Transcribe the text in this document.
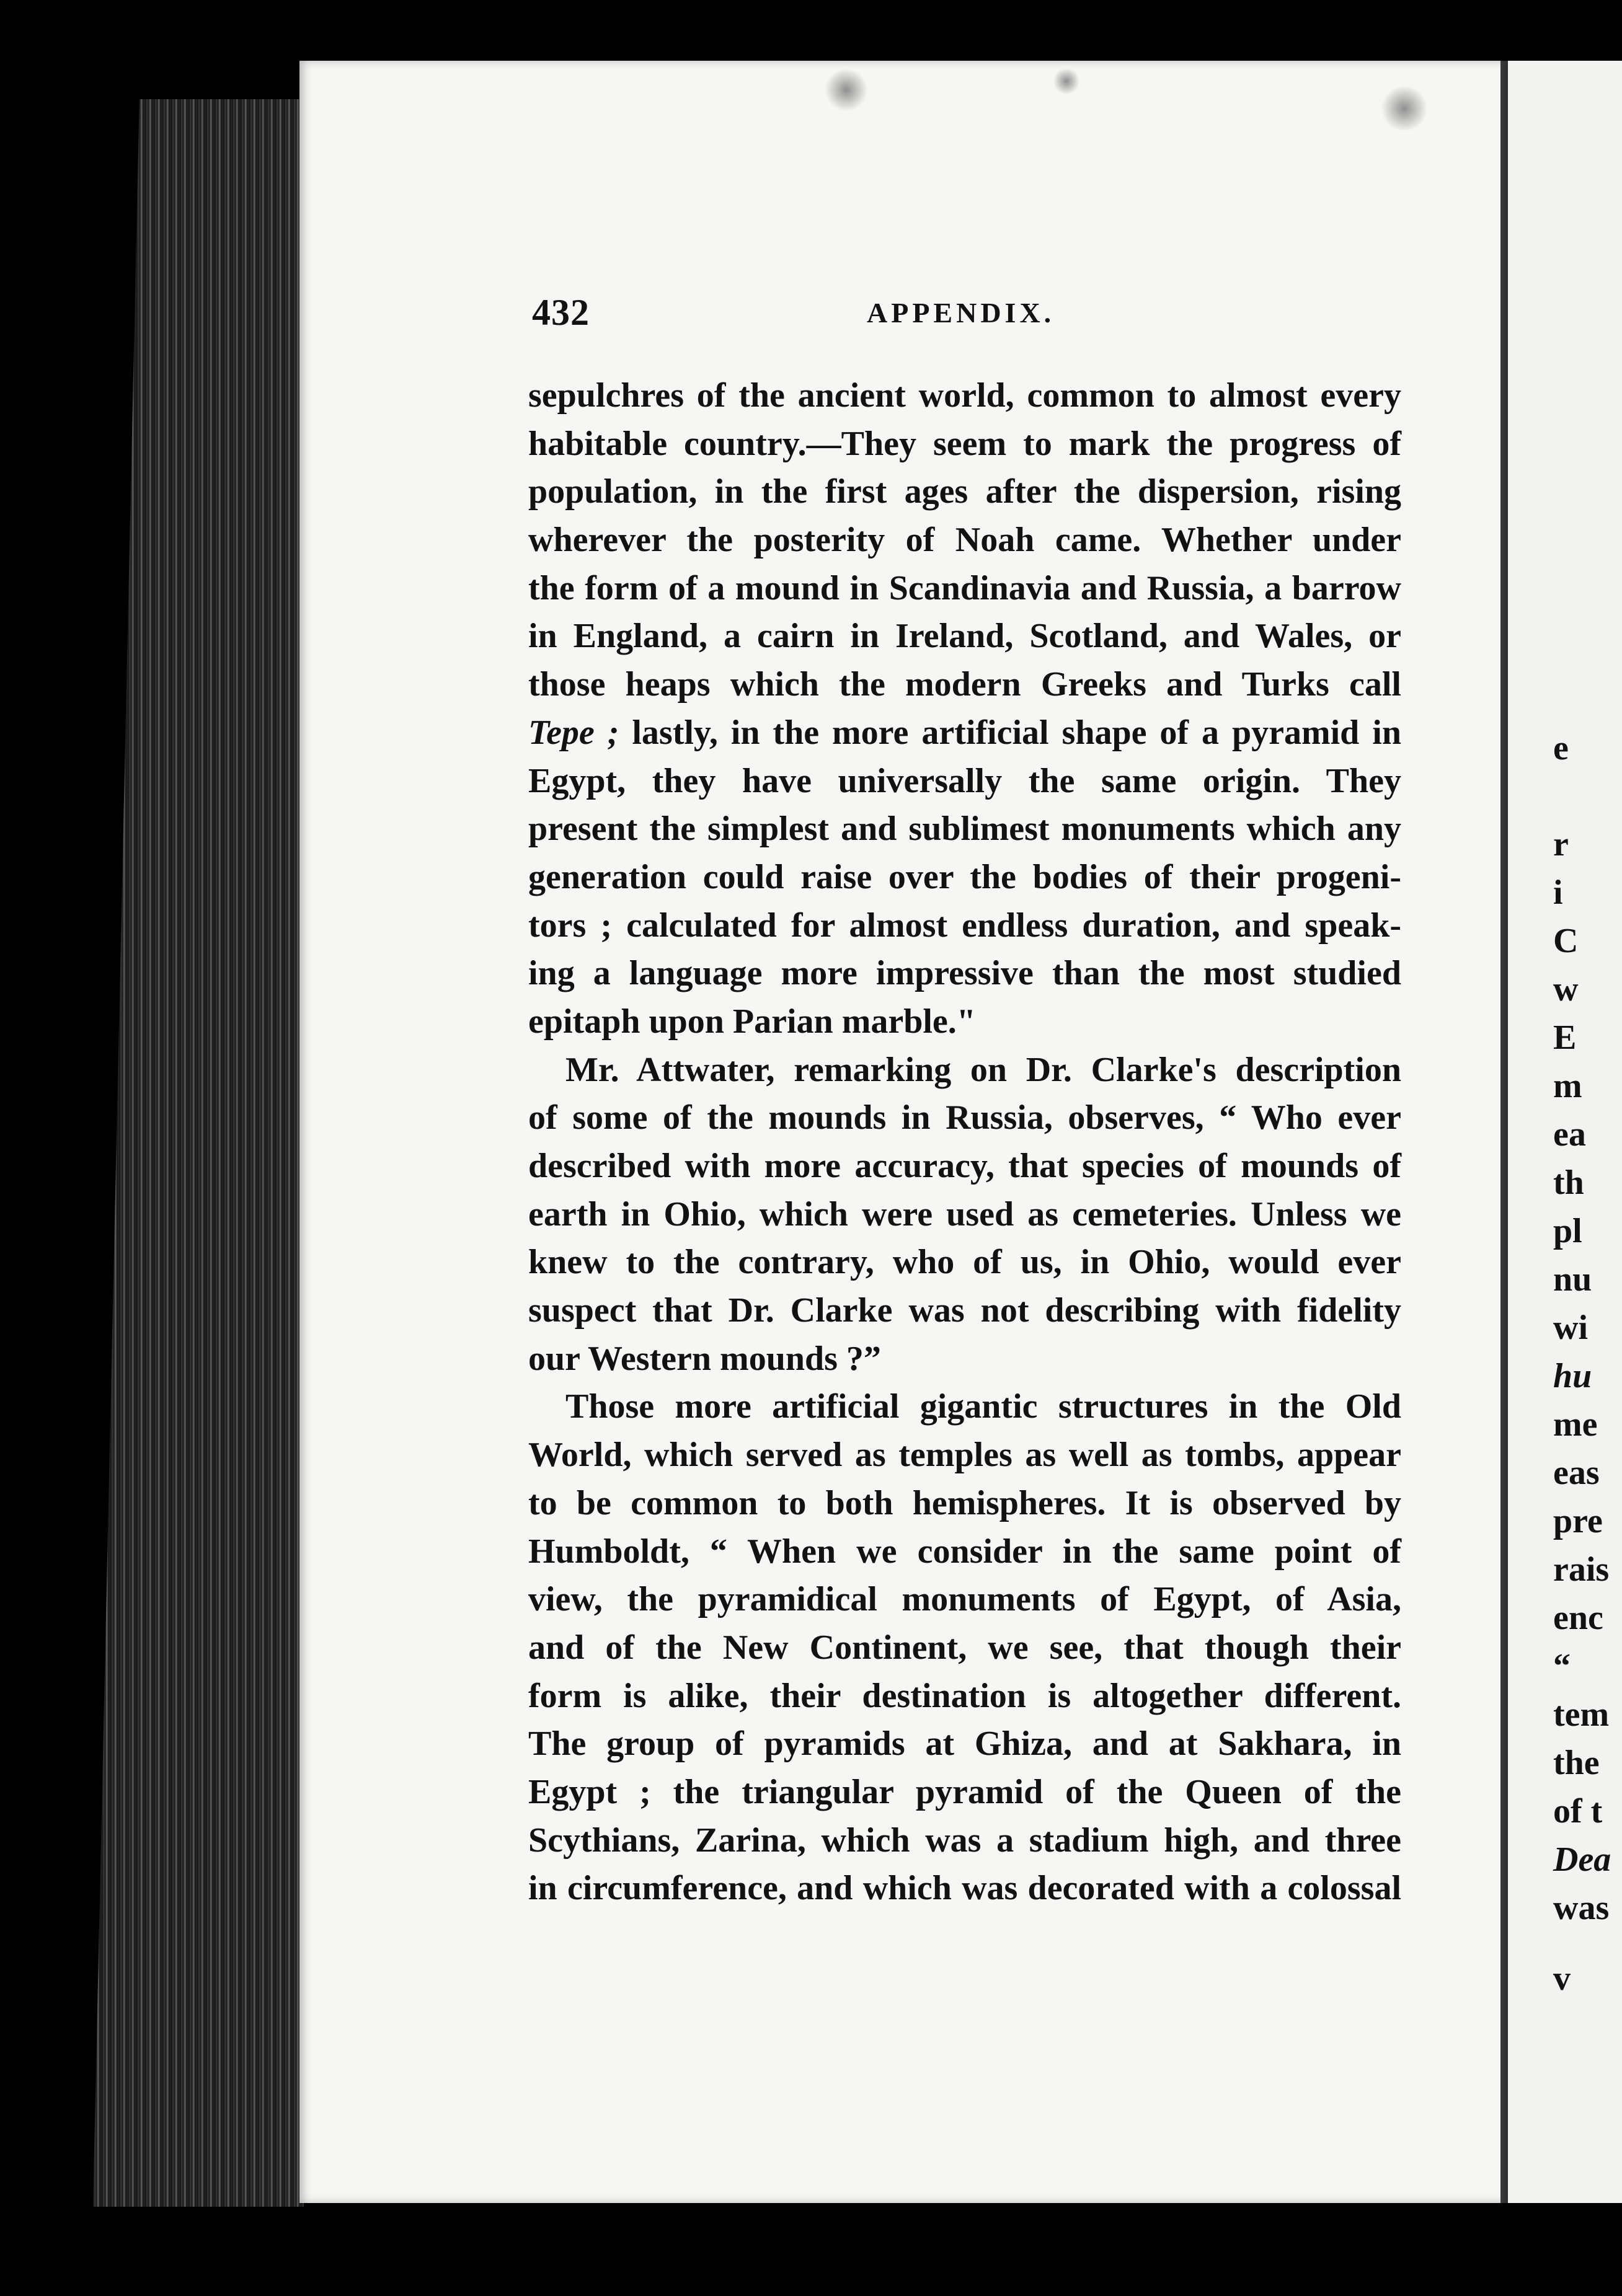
432	APPENDIX.
sepulchres of the ancient world, common to almost every
habitable country.—They seem to mark the progress of
population, in the first ages after the dispersion, rising
wherever the posterity of Noah came. Whether under
the form of a mound in Scandinavia and Russia, a barrow
in England, a cairn in Ireland, Scotland, and Wales, or
those heaps which the modern Greeks and Turks call
Tepe ; lastly, in the more artificial shape of a pyramid in
Egypt, they have universally the same origin. They
present the simplest and sublimest monuments which any
generation could raise over the bodies of their progeni-
tors ; calculated for almost endless duration, and speak-
ing a language more impressive than the most studied
epitaph upon Parian marble."
Mr. Attwater, remarking on Dr. Clarke's description
of some of the mounds in Russia, observes, “ Who ever
described with more accuracy, that species of mounds of
earth in Ohio, which were used as cemeteries. Unless we
knew to the contrary, who of us, in Ohio, would ever
suspect that Dr. Clarke was not describing with fidelity
our Western mounds ?”
Those more artificial gigantic structures in the Old
World, which served as temples as well as tombs, appear
to be common to both hemispheres. It is observed by
Humboldt, “ When we consider in the same point of
view, the pyramidical monuments of Egypt, of Asia,
and of the New Continent, we see, that though their
form is alike, their destination is altogether different.
The group of pyramids at Ghiza, and at Sakhara, in
Egypt ; the triangular pyramid of the Queen of the
Scythians, Zarina, which was a stadium high, and three
in circumference, and which was decorated with a colossal
e
r
i
C
w
E
m
ea
th
pl
nu
wi
hu
me
eas
pre
rais
enc
“
tem
the
of t
Dea
was
v
